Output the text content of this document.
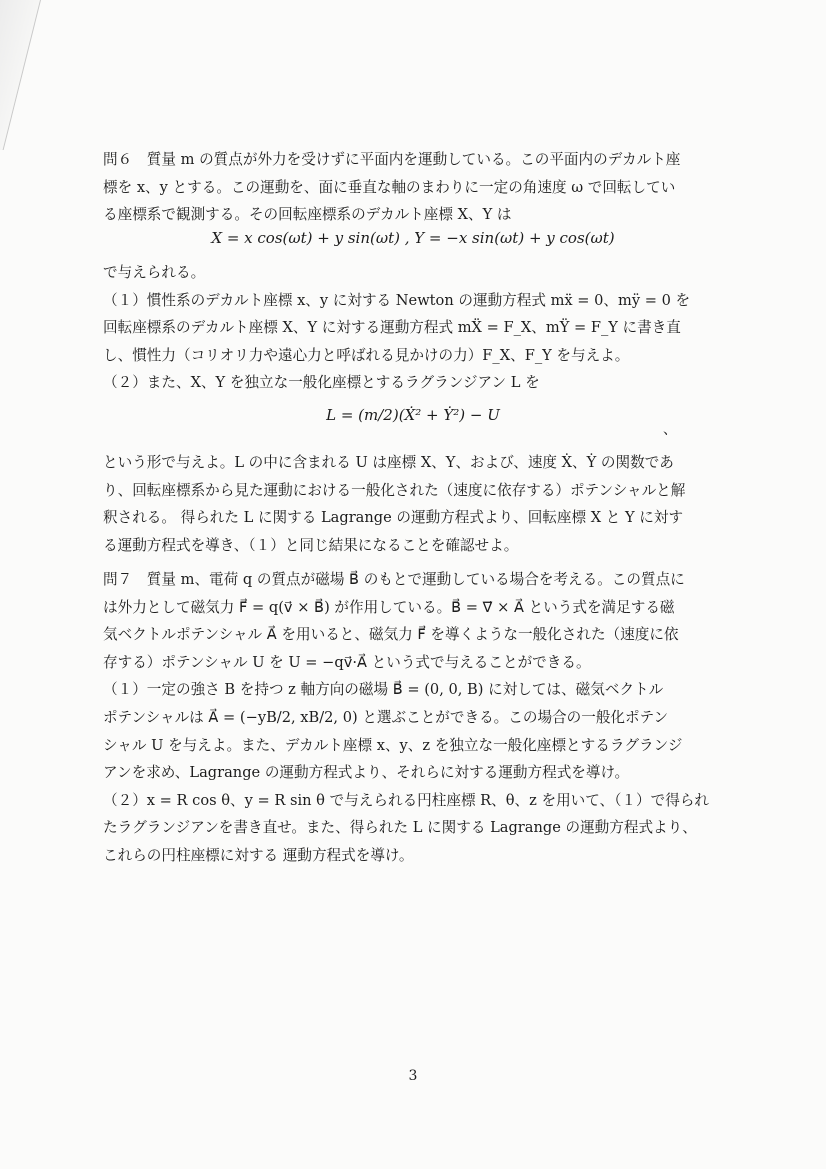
問６　質量 m の質点が外力を受けずに平面内を運動している。この平面内のデカルト座
標を x、y とする。この運動を、面に垂直な軸のまわりに一定の角速度 ω で回転してい
る座標系で観測する。その回転座標系のデカルト座標 X、Y は
X = x cos(ωt) + y sin(ωt) , Y = −x sin(ωt) + y cos(ωt)
で与えられる。
（１）慣性系のデカルト座標 x、y に対する Newton の運動方程式 mẍ = 0、mÿ = 0 を
回転座標系のデカルト座標 X、Y に対する運動方程式 mẌ = F_X、mŸ = F_Y に書き直
し、慣性力（コリオリ力や遠心力と呼ばれる見かけの力）F_X、F_Y を与えよ。
（２）また、X、Y を独立な一般化座標とするラグランジアン L を
L = (m/2)(Ẋ² + Ẏ²) − U
、
という形で与えよ。L の中に含まれる U は座標 X、Y、および、速度 Ẋ、Ẏ の関数であ
り、回転座標系から見た運動における一般化された（速度に依存する）ポテンシャルと解
釈される。 得られた L に関する Lagrange の運動方程式より、回転座標 X と Y に対す
る運動方程式を導き、（１）と同じ結果になることを確認せよ。
問７　質量 m、電荷 q の質点が磁場 B⃗ のもとで運動している場合を考える。この質点に
は外力として磁気力 F⃗ = q(v⃗ × B⃗) が作用している。B⃗ = ∇⃗ × A⃗ という式を満足する磁
気ベクトルポテンシャル A⃗ を用いると、磁気力 F⃗ を導くような一般化された（速度に依
存する）ポテンシャル U を U = −qv⃗·A⃗ という式で与えることができる。
（１）一定の強さ B を持つ z 軸方向の磁場 B⃗ = (0, 0, B) に対しては、磁気ベクトル
ポテンシャルは A⃗ = (−yB/2, xB/2, 0) と選ぶことができる。この場合の一般化ポテン
シャル U を与えよ。また、デカルト座標 x、y、z を独立な一般化座標とするラグランジ
アンを求め、Lagrange の運動方程式より、それらに対する運動方程式を導け。
（２）x = R cos θ、y = R sin θ で与えられる円柱座標 R、θ、z を用いて、（１）で得られ
たラグランジアンを書き直せ。また、得られた L に関する Lagrange の運動方程式より、
これらの円柱座標に対する 運動方程式を導け。
3
